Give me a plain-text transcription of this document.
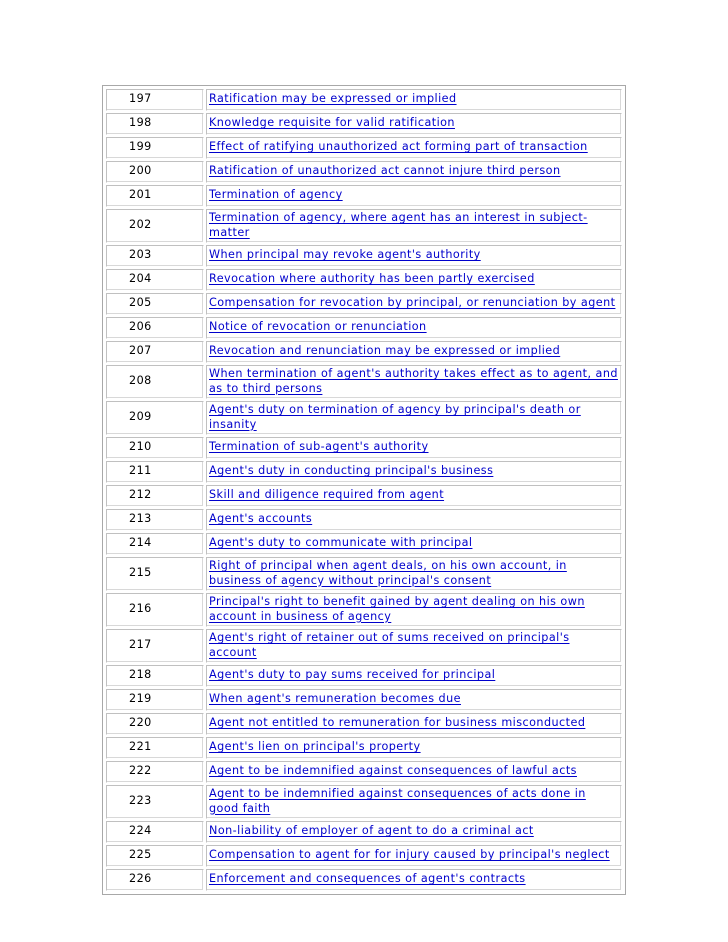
197	Ratification may be expressed or implied
198	Knowledge requisite for valid ratification
199	Effect of ratifying unauthorized act forming part of transaction
200	Ratification of unauthorized act cannot injure third person
201	Termination of agency
202	Termination of agency, where agent has an interest in subject-matter
203	When principal may revoke agent's authority
204	Revocation where authority has been partly exercised
205	Compensation for revocation by principal, or renunciation by agent
206	Notice of revocation or renunciation
207	Revocation and renunciation may be expressed or implied
208	When termination of agent's authority takes effect as to agent, and as to third persons
209	Agent's duty on termination of agency by principal's death or insanity
210	Termination of sub-agent's authority
211	Agent's duty in conducting principal's business
212	Skill and diligence required from agent
213	Agent's accounts
214	Agent's duty to communicate with principal
215	Right of principal when agent deals, on his own account, in business of agency without principal's consent
216	Principal's right to benefit gained by agent dealing on his own account in business of agency
217	Agent's right of retainer out of sums received on principal's account
218	Agent's duty to pay sums received for principal
219	When agent's remuneration becomes due
220	Agent not entitled to remuneration for business misconducted
221	Agent's lien on principal's property
222	Agent to be indemnified against consequences of lawful acts
223	Agent to be indemnified against consequences of acts done in good faith
224	Non-liability of employer of agent to do a criminal act
225	Compensation to agent for for injury caused by principal's neglect
226	Enforcement and consequences of agent's contracts
